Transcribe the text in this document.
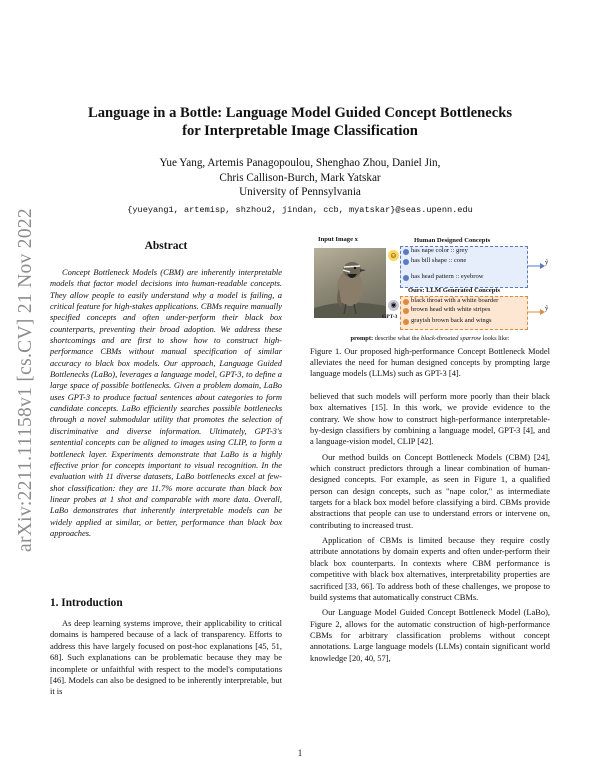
arXiv:2211.11158v1 [cs.CV] 21 Nov 2022
Language in a Bottle: Language Model Guided Concept Bottlenecks
for Interpretable Image Classification
Yue Yang, Artemis Panagopoulou, Shenghao Zhou, Daniel Jin,
Chris Callison-Burch, Mark Yatskar
University of Pennsylvania
{yueyang1, artemisp, shzhou2, jindan, ccb, myatskar}@seas.upenn.edu
Abstract

Concept Bottleneck Models (CBM) are inherently interpretable models that factor model decisions into human-readable concepts. They allow people to easily understand why a model is failing, a critical feature for high-stakes applications. CBMs require manually specified concepts and often under-perform their black box counterparts, preventing their broad adoption. We address these shortcomings and are first to show how to construct high-performance CBMs without manual specification of similar accuracy to black box models. Our approach, Language Guided Bottlenecks (LaBo), leverages a language model, GPT-3, to define a large space of possible bottlenecks. Given a problem domain, LaBo uses GPT-3 to produce factual sentences about categories to form candidate concepts. LaBo efficiently searches possible bottlenecks through a novel submodular utility that promotes the selection of discriminative and diverse information. Ultimately, GPT-3's sentential concepts can be aligned to images using CLIP, to form a bottleneck layer. Experiments demonstrate that LaBo is a highly effective prior for concepts important to visual recognition. In the evaluation with 11 diverse datasets, LaBo bottlenecks excel at few-shot classification: they are 11.7% more accurate than black box linear probes at 1 shot and comparable with more data. Overall, LaBo demonstrates that inherently interpretable models can be widely applied at similar, or better, performance than black box approaches.

1. Introduction

As deep learning systems improve, their applicability to critical domains is hampered because of a lack of transparency. Efforts to address this have largely focused on post-hoc explanations [45, 51, 68]. Such explanations can be problematic because they may be incomplete or unfaithful with respect to the model's computations [46]. Models can also be designed to be inherently interpretable, but it is

Input Image x
☺
◉
GPT-3
Human Designed Concepts
has nape color :: grey
has bill shape :: cone
has head pattern :: eyebrow
Ours: LLM Generated Concepts
black throat with a white boarder
brown head with white stripes
grayish brown back and wings
ŷ
ŷ
prompt: describe what the black-throated sparrow looks like:

Figure 1. Our proposed high-performance Concept Bottleneck Model alleviates the need for human designed concepts by prompting large language models (LLMs) such as GPT-3 [4].

believed that such models will perform more poorly than their black box alternatives [15]. In this work, we provide evidence to the contrary. We show how to construct high-performance interpretable-by-design classifiers by combining a language model, GPT-3 [4], and a language-vision model, CLIP [42].

Our method builds on Concept Bottleneck Models (CBM) [24], which construct predictors through a linear combination of human-designed concepts. For example, as seen in Figure 1, a qualified person can design concepts, such as "nape color," as intermediate targets for a black box model before classifying a bird. CBMs provide abstractions that people can use to understand errors or intervene on, contributing to increased trust.

Application of CBMs is limited because they require costly attribute annotations by domain experts and often under-perform their black box counterparts. In contexts where CBM performance is competitive with black box alternatives, interpretability properties are sacrificed [33, 66]. To address both of these challenges, we propose to build systems that automatically construct CBMs.

Our Language Model Guided Concept Bottleneck Model (LaBo), Figure 2, allows for the automatic construction of high-performance CBMs for arbitrary classification problems without concept annotations. Large language models (LLMs) contain significant world knowledge [20, 40, 57],

1
